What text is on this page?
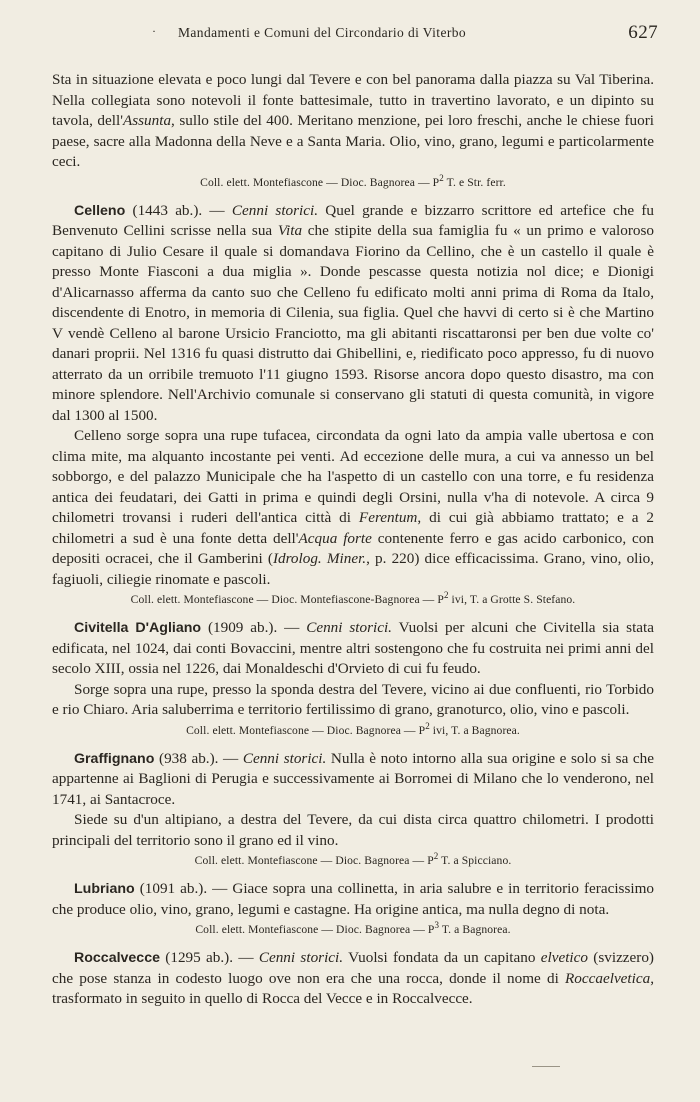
· Mandamenti e Comuni del Circondario di Viterbo	627

Sta in situazione elevata e poco lungi dal Tevere e con bel panorama dalla piazza su Val Tiberina. Nella collegiata sono notevoli il fonte battesimale, tutto in travertino lavorato, e un dipinto su tavola, dell'Assunta, sullo stile del 400. Meritano menzione, pei loro freschi, anche le chiese fuori paese, sacre alla Madonna della Neve e a Santa Maria. Olio, vino, grano, legumi e particolarmente ceci.

Coll. elett. Montefiascone — Dioc. Bagnorea — $P^2$ T. e Str. ferr.

Celleno (1443 ab.). — Cenni storici. Quel grande e bizzarro scrittore ed artefice che fu Benvenuto Cellini scrisse nella sua Vita che stipite della sua famiglia fu « un primo e valoroso capitano di Julio Cesare il quale si domandava Fiorino da Cellino, che è un castello il quale è presso Monte Fiasconi a dua miglia ». Donde pescasse questa notizia nol dice; e Dionigi d'Alicarnasso afferma da canto suo che Celleno fu edificato molti anni prima di Roma da Italo, discendente di Enotro, in memoria di Cilenia, sua figlia. Quel che havvi di certo si è che Martino V vendè Celleno al barone Ursicio Franciotto, ma gli abitanti riscattaronsi per ben due volte co' danari proprii. Nel 1316 fu quasi distrutto dai Ghibellini, e, riedificato poco appresso, fu di nuovo atterrato da un orribile tremuoto l'11 giugno 1593. Risorse ancora dopo questo disastro, ma con minore splendore. Nell'Archivio comunale si conservano gli statuti di questa comunità, in vigore dal 1300 al 1500.

Celleno sorge sopra una rupe tufacea, circondata da ogni lato da ampia valle ubertosa e con clima mite, ma alquanto incostante pei venti. Ad eccezione delle mura, a cui va annesso un bel sobborgo, e del palazzo Municipale che ha l'aspetto di un castello con una torre, e fu residenza antica dei feudatari, dei Gatti in prima e quindi degli Orsini, nulla v'ha di notevole. A circa 9 chilometri trovansi i ruderi dell'antica città di Ferentum, di cui già abbiamo trattato; e a 2 chilometri a sud è una fonte detta dell'Acqua forte contenente ferro e gas acido carbonico, con depositi ocracei, che il Gamberini (Idrolog. Miner., p. 220) dice efficacissima. Grano, vino, olio, fagiuoli, ciliegie rinomate e pascoli.

Coll. elett. Montefiascone — Dioc. Montefiascone-Bagnorea — $P^2$ ivi, T. a Grotte S. Stefano.

Civitella D'Agliano (1909 ab.). — Cenni storici. Vuolsi per alcuni che Civitella sia stata edificata, nel 1024, dai conti Bovaccini, mentre altri sostengono che fu costruita nei primi anni del secolo XIII, ossia nel 1226, dai Monaldeschi d'Orvieto di cui fu feudo.

Sorge sopra una rupe, presso la sponda destra del Tevere, vicino ai due confluenti, rio Torbido e rio Chiaro. Aria saluberrima e territorio fertilissimo di grano, granoturco, olio, vino e pascoli.

Coll. elett. Montefiascone — Dioc. Bagnorea — $P^2$ ivi, T. a Bagnorea.

Graffignano (938 ab.). — Cenni storici. Nulla è noto intorno alla sua origine e solo si sa che appartenne ai Baglioni di Perugia e successivamente ai Borromei di Milano che lo venderono, nel 1741, ai Santacroce.

Siede su d'un altipiano, a destra del Tevere, da cui dista circa quattro chilometri. I prodotti principali del territorio sono il grano ed il vino.

Coll. elett. Montefiascone — Dioc. Bagnorea — $P^2$ T. a Spicciano.

Lubriano (1091 ab.). — Giace sopra una collinetta, in aria salubre e in territorio feracissimo che produce olio, vino, grano, legumi e castagne. Ha origine antica, ma nulla degno di nota.

Coll. elett. Montefiascone — Dioc. Bagnorea — $P^3$ T. a Bagnorea.

Roccalvecce (1295 ab.). — Cenni storici. Vuolsi fondata da un capitano elvetico (svizzero) che pose stanza in codesto luogo ove non era che una rocca, donde il nome di Roccaelvetica, trasformato in seguito in quello di Rocca del Vecce e in Roccalvecce.
